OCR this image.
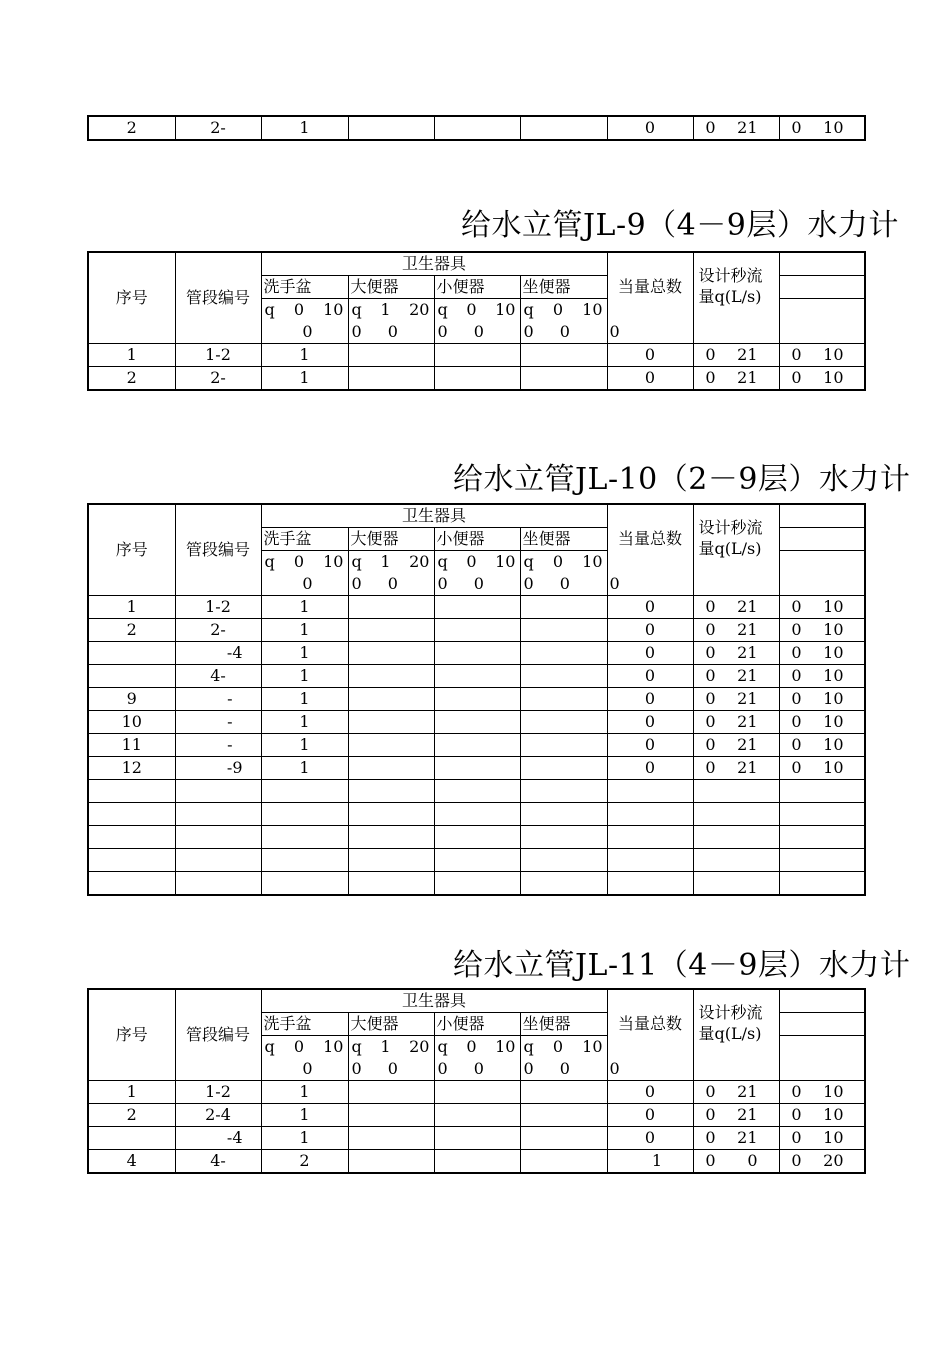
2	2-	1				0	0	21	0	10
给水立管JL-9（4－9层）水力计
给水立管JL-10（2－9层）水力计
给水立管JL-11（4－9层）水力计
序号	管段编号	卫生器具				当量总数	设计秒流
量q(L/s)	

		洗手盆	大便器	小便器	坐便器			

		q 0 10	q 1 20	q 0 10	q 0 10			

		0	0 0	0 0	0 0	0		
1	1-2	1				0	0 21	0 10

2	2-	1				0	0 21	0 10
序号	管段编号	卫生器具				当量总数	设计秒流
量q(L/s)	

		洗手盆	大便器	小便器	坐便器			

		q 0 10	q 1 20	q 0 10	q 0 10			

		0	0 0	0 0	0 0	0		
1	1-2	1				0	0 21	0 10

2	2-	1				0	0 21	0 10

	-4	1				0	0 21	0 10

	4-	1				0	0 21	0 10

9	-	1				0	0 21	0 10

10	-	1				0	0 21	0 10

11	-	1				0	0 21	0 10

12	-9	1				0	0 21	0 10

序号	管段编号	卫生器具				当量总数	设计秒流
量q(L/s)	

		洗手盆	大便器	小便器	坐便器			

		q 0 10	q 1 20	q 0 10	q 0 10			

		0	0 0	0 0	0 0	0		
1	1-2	1				0	0 21	0 10

2	2-4	1				0	0 21	0 10

	-4	1				0	0 21	0 10

4	4-	2				1	0 0	0 20
